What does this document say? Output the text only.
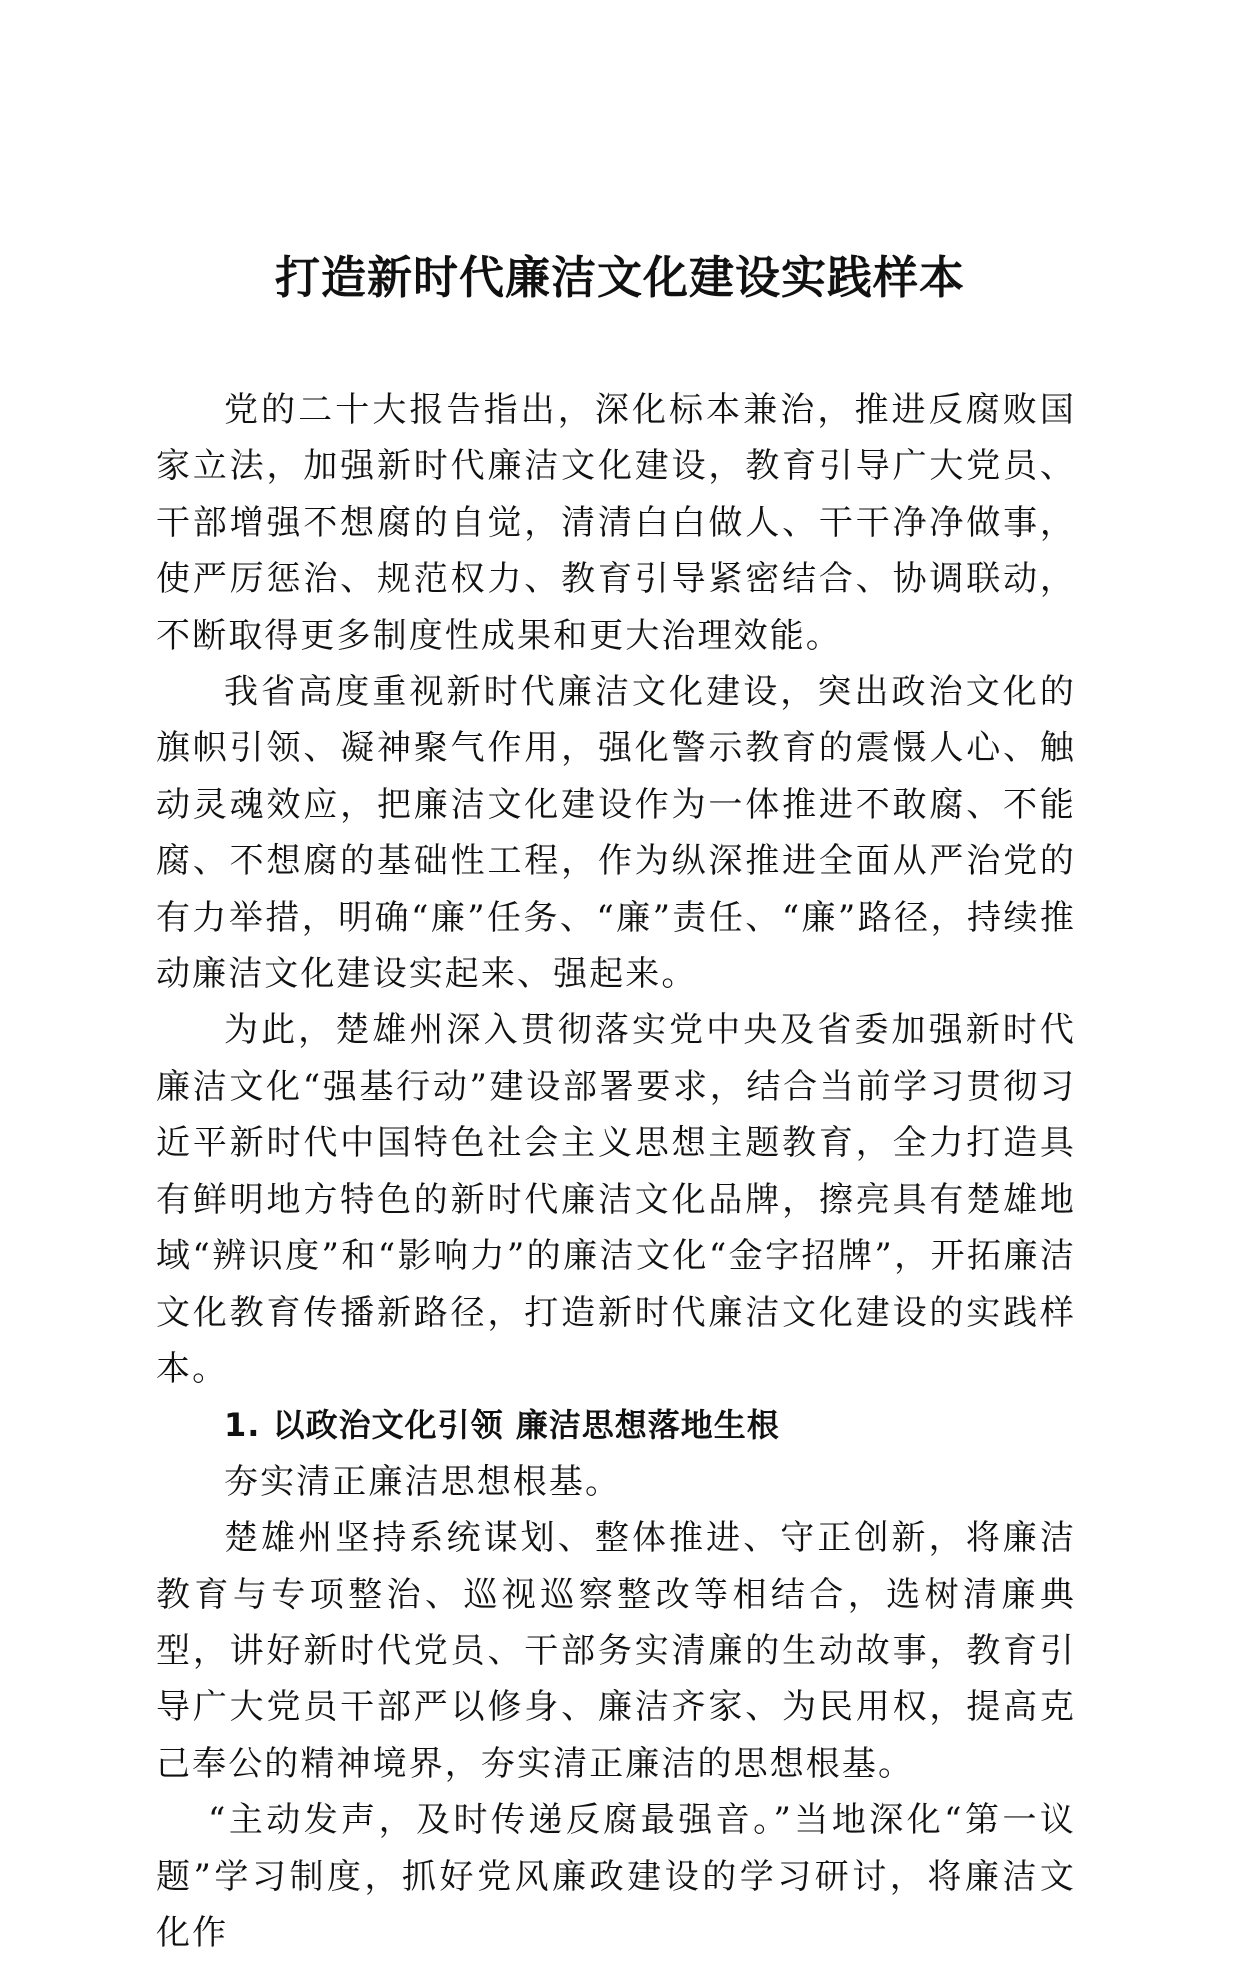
打造新时代廉洁文化建设实践样本

党的二十大报告指出，深化标本兼治，推进反腐败国家立法，加强新时代廉洁文化建设，教育引导广大党员、干部增强不想腐的自觉，清清白白做人、干干净净做事，使严厉惩治、规范权力、教育引导紧密结合、协调联动，不断取得更多制度性成果和更大治理效能。

我省高度重视新时代廉洁文化建设，突出政治文化的旗帜引领、凝神聚气作用，强化警示教育的震慑人心、触动灵魂效应，把廉洁文化建设作为一体推进不敢腐、不能腐、不想腐的基础性工程，作为纵深推进全面从严治党的有力举措，明确“廉”任务、“廉”责任、“廉”路径，持续推动廉洁文化建设实起来、强起来。

为此，楚雄州深入贯彻落实党中央及省委加强新时代廉洁文化“强基行动”建设部署要求，结合当前学习贯彻习近平新时代中国特色社会主义思想主题教育，全力打造具有鲜明地方特色的新时代廉洁文化品牌，擦亮具有楚雄地域“辨识度”和“影响力”的廉洁文化“金字招牌”，开拓廉洁文化教育传播新路径，打造新时代廉洁文化建设的实践样本。

1. 以政治文化引领 廉洁思想落地生根

夯实清正廉洁思想根基。

楚雄州坚持系统谋划、整体推进、守正创新，将廉洁教育与专项整治、巡视巡察整改等相结合，选树清廉典型，讲好新时代党员、干部务实清廉的生动故事，教育引导广大党员干部严以修身、廉洁齐家、为民用权，提高克己奉公的精神境界，夯实清正廉洁的思想根基。

“主动发声，及时传递反腐最强音。”当地深化“第一议题”学习制度，抓好党风廉政建设的学习研讨，将廉洁文化作
